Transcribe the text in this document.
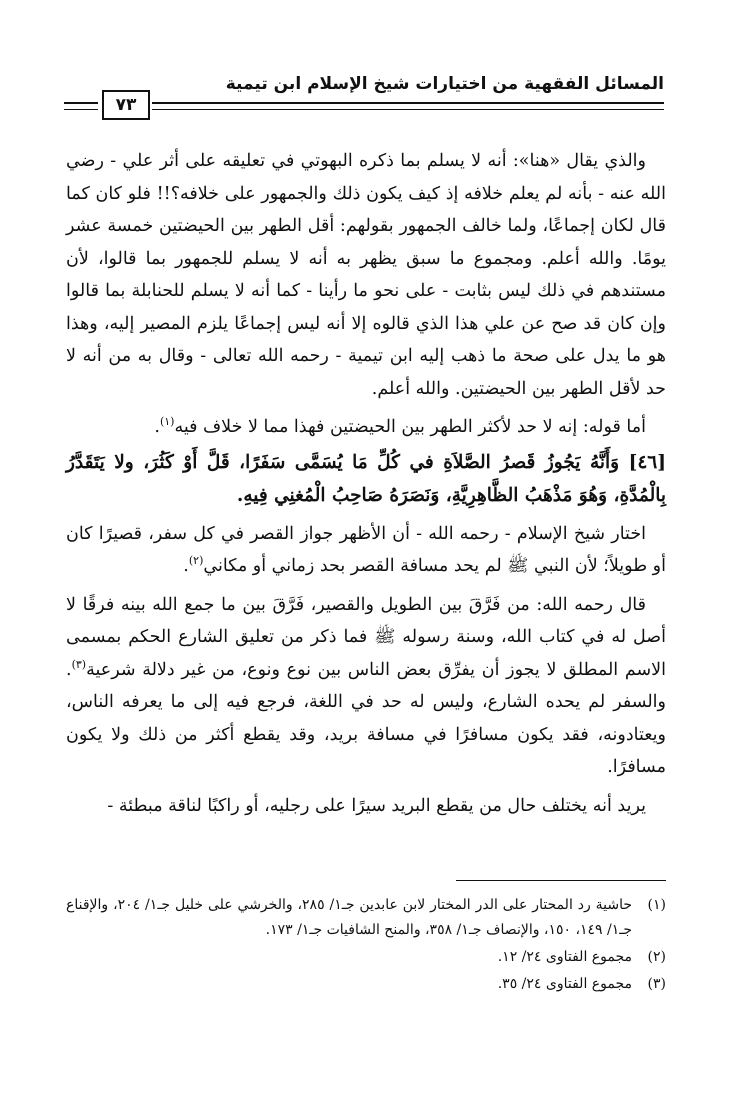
المسائل الفقهية من اختيارات شيخ الإسلام ابن تيمية
٧٣

والذي يقال «هنا»: أنه لا يسلم بما ذكره البهوتي في تعليقه على أثر علي - رضي الله عنه - بأنه لم يعلم خلافه إذ كيف يكون ذلك والجمهور على خلافه؟!! فلو كان كما قال لكان إجماعًا، ولما خالف الجمهور بقولهم: أقل الطهر بين الحيضتين خمسة عشر يومًا. والله أعلم. ومجموع ما سبق يظهر به أنه لا يسلم للجمهور بما قالوا، لأن مستندهم في ذلك ليس بثابت - على نحو ما رأينا - كما أنه لا يسلم للحنابلة بما قالوا وإن كان قد صح عن علي هذا الذي قالوه إلا أنه ليس إجماعًا يلزم المصير إليه، وهذا هو ما يدل على صحة ما ذهب إليه ابن تيمية - رحمه الله تعالى - وقال به من أنه لا حد لأقل الطهر بين الحيضتين. والله أعلم.

أما قوله: إنه لا حد لأكثر الطهر بين الحيضتين فهذا مما لا خلاف فيه$^{(١)}$.

[٤٦] وَأَنَّهُ يَجُوزُ قَصرُ الصَّلاَةِ في كُلِّ مَا يُسَمَّى سَفَرًا، قَلَّ أَوْ كَثُرَ، ولا يَتَقَدَّرُ بِالْمُدَّةِ، وَهُوَ مَذْهَبُ الظَّاهِرِيَّةِ، وَنَصَرَهُ صَاحِبُ الْمُغنِي فِيهِ.

اختار شيخ الإسلام - رحمه الله - أن الأظهر جواز القصر في كل سفر، قصيرًا كان أو طويلاً؛ لأن النبي ﷺ لم يحد مسافة القصر بحد زماني أو مكاني$^{(٢)}$.

قال رحمه الله: من فَرَّقَ بين الطويل والقصير، فَرَّقَ بين ما جمع الله بينه فرقًا لا أصل له في كتاب الله، وسنة رسوله ﷺ فما ذكر من تعليق الشارع الحكم بمسمى الاسم المطلق لا يجوز أن يفرِّق بعض الناس بين نوع ونوع، من غير دلالة شرعية$^{(٣)}$. والسفر لم يحده الشارع، وليس له حد في اللغة، فرجع فيه إلى ما يعرفه الناس، ويعتادونه، فقد يكون مسافرًا في مسافة بريد، وقد يقطع أكثر من ذلك ولا يكون مسافرًا.

يريد أنه يختلف حال من يقطع البريد سيرًا على رجليه، أو راكبًا لناقة مبطئة -

(١)
حاشية رد المحتار على الدر المختار لابن عابدين جـ١/ ٢٨٥، والخرشي على خليل جـ١/ ٢٠٤، والإقناع جـ١/ ١٤٩، ١٥٠، والإنصاف جـ١/ ٣٥٨، والمنح الشافيات جـ١/ ١٧٣.
(٢)
مجموع الفتاوى ٢٤/ ١٢.
(٣)
مجموع الفتاوى ٢٤/ ٣٥.
